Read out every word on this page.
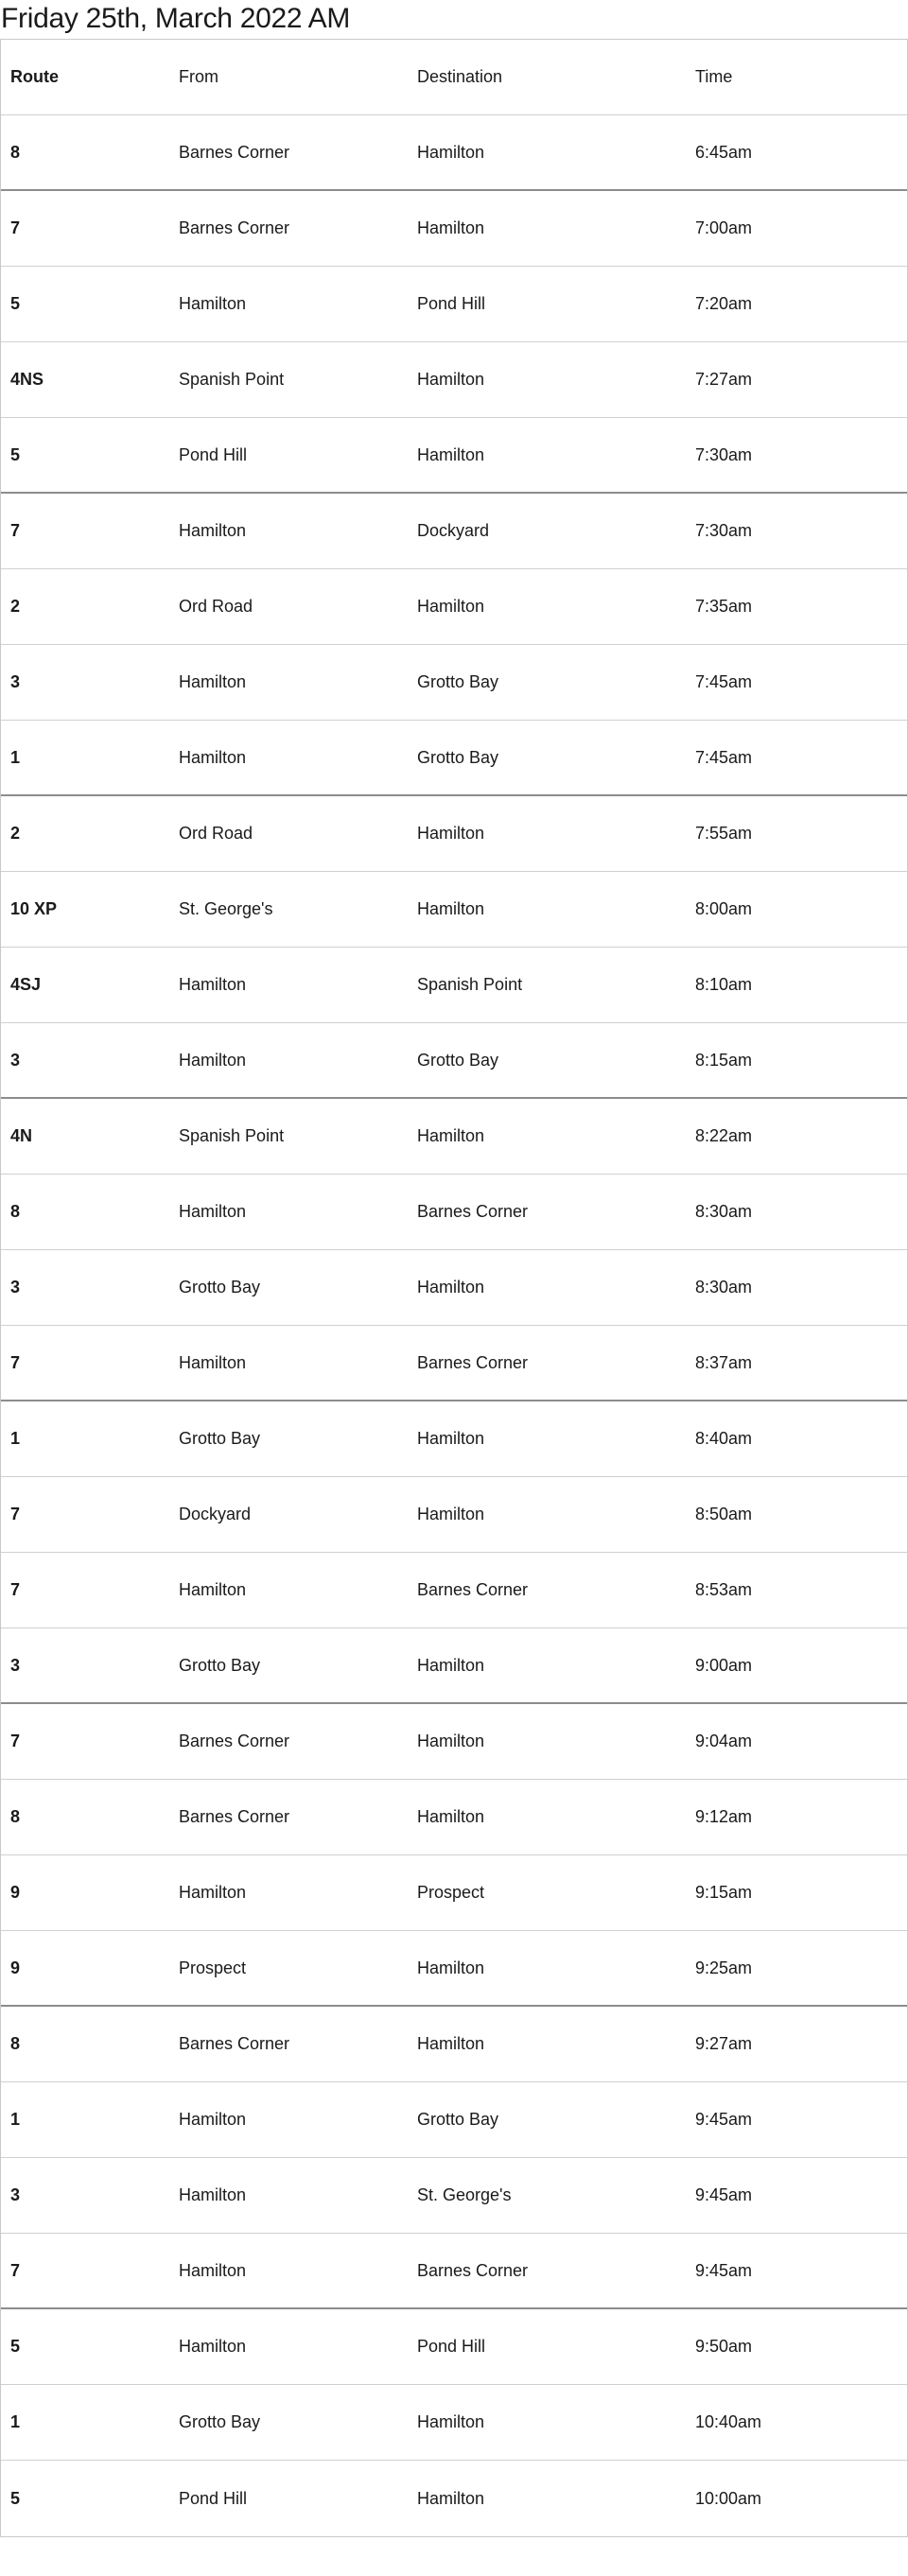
Friday 25th, March 2022 AM
Route	From	Destination	Time
8	Barnes Corner	Hamilton	6:45am
7	Barnes Corner	Hamilton	7:00am
5	Hamilton	Pond Hill	7:20am
4NS	Spanish Point	Hamilton	7:27am
5	Pond Hill	Hamilton	7:30am
7	Hamilton	Dockyard	7:30am
2	Ord Road	Hamilton	7:35am
3	Hamilton	Grotto Bay	7:45am
1	Hamilton	Grotto Bay	7:45am
2	Ord Road	Hamilton	7:55am
10 XP	St. George's	Hamilton	8:00am
4SJ	Hamilton	Spanish Point	8:10am
3	Hamilton	Grotto Bay	8:15am
4N	Spanish Point	Hamilton	8:22am
8	Hamilton	Barnes Corner	8:30am
3	Grotto Bay	Hamilton	8:30am
7	Hamilton	Barnes Corner	8:37am
1	Grotto Bay	Hamilton	8:40am
7	Dockyard	Hamilton	8:50am
7	Hamilton	Barnes Corner	8:53am
3	Grotto Bay	Hamilton	9:00am
7	Barnes Corner	Hamilton	9:04am
8	Barnes Corner	Hamilton	9:12am
9	Hamilton	Prospect	9:15am
9	Prospect	Hamilton	9:25am
8	Barnes Corner	Hamilton	9:27am
1	Hamilton	Grotto Bay	9:45am
3	Hamilton	St. George's	9:45am
7	Hamilton	Barnes Corner	9:45am
5	Hamilton	Pond Hill	9:50am
1	Grotto Bay	Hamilton	10:40am
5	Pond Hill	Hamilton	10:00am
